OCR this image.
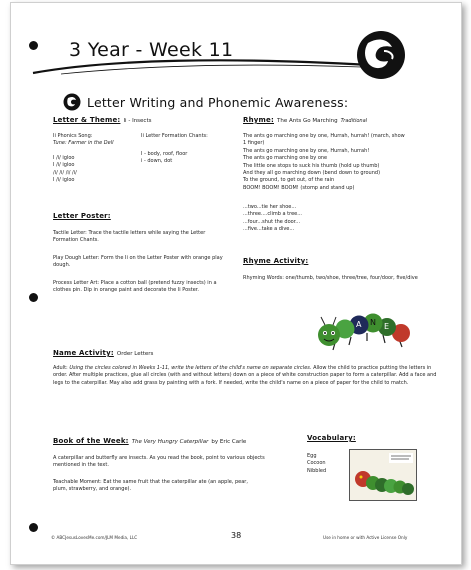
3 Year - Week 11
Letter Writing and Phonemic Awareness:
Letter & Theme: Ii - Insects
Ii Phonics Song:
Tune: Farmer in the Dell
I /i/ igloo
I /i/ igloo
/i/ /i/ /i/ /i/
I /i/ igloo
Ii Letter Formation Chants:
I - body, roof, floor
i - down, dot
Letter Poster:
Tactile Letter: Trace the tactile letters while saying the Letter Formation Chants.
Play Dough Letter: Form the Ii on the Letter Poster with orange play dough.
Process Letter Art: Place a cotton ball (pretend fuzzy insects) in a clothes pin. Dip in orange paint and decorate the Ii Poster.
Rhyme: The Ants Go Marching Traditional
The ants go marching one by one, Hurrah, hurrah! (march, show
1 finger)
The ants go marching one by one, Hurrah, hurrah!
The ants go marching one by one
The little one stops to suck his thumb (hold up thumb)
And they all go marching down (bend down to ground)
To the ground, to get out, of the rain
BOOM! BOOM! BOOM! (stomp and stand up)
...two...tie her shoe...
...three....climb a tree...
...four...shut the door...
...five...take a dive...
Rhyme Activity:
Rhyming Words: one/thumb, two/shoe, three/tree, four/door, five/dive
A N E
Name Activity: Order Letters
Adult: Using the circles colored in Weeks 1-11, write the letters of the child's name on separate circles. Allow the child to practice putting the letters in order. After multiple practices, glue all circles (with and without letters) down on a piece of white construction paper to form a caterpillar. Add a face and legs to the caterpillar. May also add grass by painting with a fork. If needed, write the child's name on a piece of paper for the child to match.
Book of the Week: The Very Hungry Caterpillar by Eric Carle
A caterpillar and butterfly are insects. As you read the book, point to various objects mentioned in the text.
Teachable Moment: Eat the same fruit that the caterpillar ate (an apple, pear, plum, strawberry, and orange).
Vocabulary:
Egg
Cocoon
Nibbled
© ABCJesusLovesMe.com/JLM Media, LLC	38	Use in home or with Active License Only
